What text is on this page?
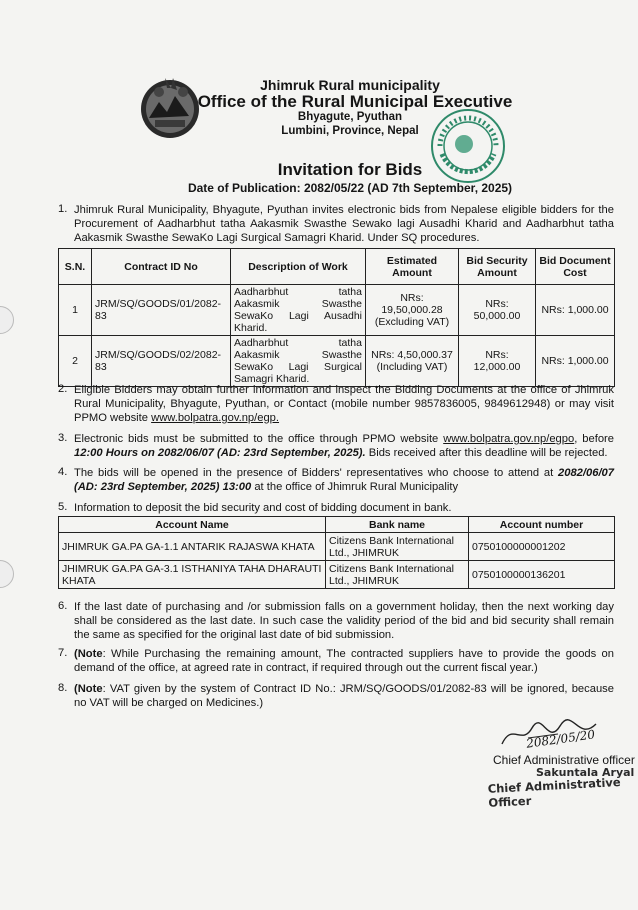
Jhimruk Rural municipality
Office of the Rural Municipal Executive
Bhyagute, Pyuthan
Lumbini, Province, Nepal
Invitation for Bids
Date of Publication: 2082/05/22 (AD 7th September, 2025)
1. Jhimruk Rural Municipality, Bhyagute, Pyuthan invites electronic bids from Nepalese eligible bidders for the Procurement of Aadharbhut tatha Aakasmik Swasthe Sewako lagi Ausadhi Kharid and Aadharbhut tatha Aakasmik Swasthe SewaKo Lagi Surgical Samagri Kharid. Under SQ procedures.
S.N.	Contract ID No	Description of Work	Estimated Amount	Bid Security Amount	Bid Document Cost
1	JRM/SQ/GOODS/01/2082-83	Aadharbhut tatha Aakasmik Swasthe SewaKo Lagi Ausadhi Kharid.	NRs: 19,50,000.28 (Excluding VAT)	NRs: 50,000.00	NRs: 1,000.00
2	JRM/SQ/GOODS/02/2082-83	Aadharbhut tatha Aakasmik Swasthe SewaKo Lagi Surgical Samagri Kharid.	NRs: 4,50,000.37 (Including VAT)	NRs: 12,000.00	NRs: 1,000.00
2. Eligible Bidders may obtain further information and inspect the Bidding Documents at the office of Jhimruk Rural Municipality, Bhyagute, Pyuthan, or Contact (mobile number 9857836005, 9849612948) or may visit PPMO website www.bolpatra.gov.np/egp.
3. Electronic bids must be submitted to the office through PPMO website www.bolpatra.gov.np/egpo, before 12:00 Hours on 2082/06/07 (AD: 23rd September, 2025). Bids received after this deadline will be rejected.
4. The bids will be opened in the presence of Bidders' representatives who choose to attend at 2082/06/07 (AD: 23rd September, 2025) 13:00 at the office of Jhimruk Rural Municipality
5. Information to deposit the bid security and cost of bidding document in bank.
Account Name	Bank name	Account number
JHIMRUK GA.PA GA-1.1 ANTARIK RAJASWA KHATA	Citizens Bank International Ltd., JHIMRUK	0750100000001202
JHIMRUK GA.PA GA-3.1 ISTHANIYA TAHA DHARAUTI KHATA	Citizens Bank International Ltd., JHIMRUK	0750100000136201
6. If the last date of purchasing and /or submission falls on a government holiday, then the next working day shall be considered as the last date. In such case the validity period of the bid and bid security shall remain the same as specified for the original last date of bid submission.
7. (Note: While Purchasing the remaining amount, The contracted suppliers have to provide the goods on demand of the office, at agreed rate in contract, if required through out the current fiscal year.)
8. (Note: VAT given by the system of Contract ID No.: JRM/SQ/GOODS/01/2082-83 will be ignored, because no VAT will be charged on Medicines.)
2082/05/20
Chief Administrative officer
Sakuntala Aryal
Chief Administrative Officer
